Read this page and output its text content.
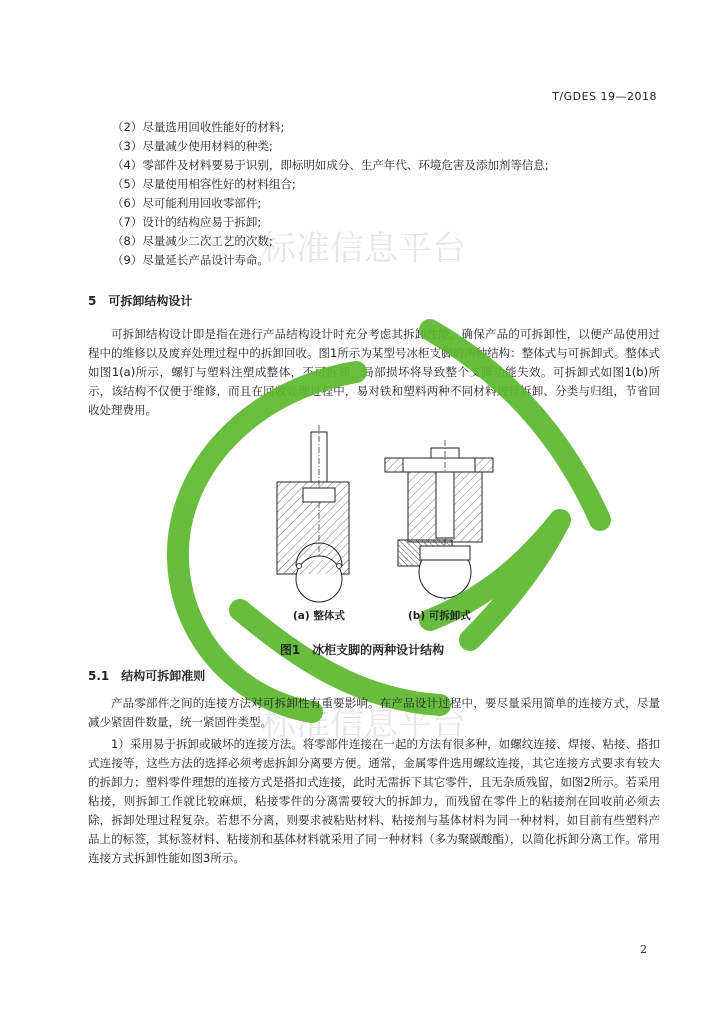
T/GDES 19—2018
标准信息平台
标准信息平台
（2）尽量选用回收性能好的材料;
（3）尽量减少使用材料的种类;
（4）零部件及材料要易于识别，即标明如成分、生产年代、环境危害及添加剂等信息;
（5）尽量使用相容性好的材料组合;
（6）尽可能利用回收零部件;
（7）设计的结构应易于拆卸;
（8）尽量减少二次工艺的次数;
（9）尽量延长产品设计寿命。
5　可拆卸结构设计

可拆卸结构设计即是指在进行产品结构设计时充分考虑其拆卸性能，确保产品的可拆卸性，以便产品使用过程中的维修以及废弃处理过程中的拆卸回收。图1所示为某型号冰柜支脚的两种结构：整体式与可拆卸式。整体式如图1(a)所示，螺钉与塑料注塑成整体，不可拆卸，局部损坏将导致整个支脚功能失效。可拆卸式如图1(b)所示，该结构不仅便于维修，而且在回收处理过程中，易对铁和塑料两种不同材料进行拆卸、分类与归组，节省回收处理费用。

(a) 整体式	(b) 可拆卸式
图1　冰柜支脚的两种设计结构
5.1　结构可拆卸准则

产品零部件之间的连接方法对可拆卸性有重要影响。在产品设计过程中，要尽量采用简单的连接方式，尽量减少紧固件数量，统一紧固件类型。

1）采用易于拆卸或破坏的连接方法。将零部件连接在一起的方法有很多种，如螺纹连接、焊接、粘接、搭扣式连接等，这些方法的选择必须考虑拆卸分离要方便。通常，金属零件选用螺纹连接，其它连接方式要求有较大的拆卸力；塑料零件理想的连接方式是搭扣式连接，此时无需拆下其它零件，且无杂质残留，如图2所示。若采用粘接，则拆卸工作就比较麻烦，粘接零件的分离需要较大的拆卸力，而残留在零件上的粘接剂在回收前必须去除，拆卸处理过程复杂。若想不分离，则要求被粘贴材料、粘接剂与基体材料为同一种材料，如目前有些塑料产品上的标签，其标签材料、粘接剂和基体材料就采用了同一种材料（多为聚碳酸酯），以简化拆卸分离工作。常用连接方式拆卸性能如图3所示。

2
